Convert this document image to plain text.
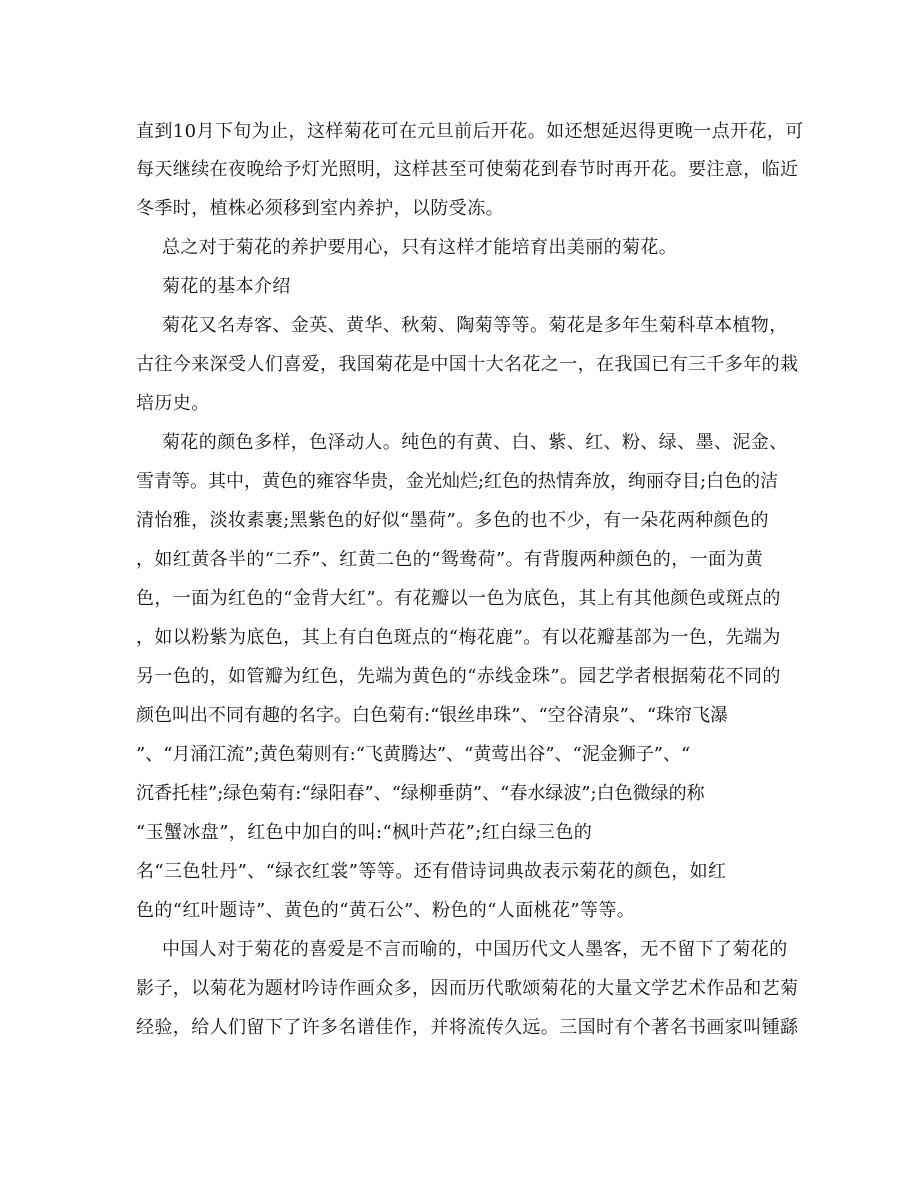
直到10月下旬为止，这样菊花可在元旦前后开花。如还想延迟得更晚一点开花，可

每天继续在夜晚给予灯光照明，这样甚至可使菊花到春节时再开花。要注意，临近

冬季时，植株必须移到室内养护，以防受冻。

总之对于菊花的养护要用心，只有这样才能培育出美丽的菊花。

菊花的基本介绍

菊花又名寿客、金英、黄华、秋菊、陶菊等等。菊花是多年生菊科草本植物，

古往今来深受人们喜爱，我国菊花是中国十大名花之一，在我国已有三千多年的栽

培历史。

菊花的颜色多样，色泽动人。纯色的有黄、白、紫、红、粉、绿、墨、泥金、

雪青等。其中，黄色的雍容华贵，金光灿烂;红色的热情奔放，绚丽夺目;白色的洁

清怡雅，淡妆素裹;黑紫色的好似“墨荷”。多色的也不少，有一朵花两种颜色的

，如红黄各半的“二乔”、红黄二色的“鸳鸯荷”。有背腹两种颜色的，一面为黄

色，一面为红色的“金背大红”。有花瓣以一色为底色，其上有其他颜色或斑点的

，如以粉紫为底色，其上有白色斑点的“梅花鹿”。有以花瓣基部为一色，先端为

另一色的，如管瓣为红色，先端为黄色的“赤线金珠”。园艺学者根据菊花不同的

颜色叫出不同有趣的名字。白色菊有:“银丝串珠”、“空谷清泉”、“珠帘飞瀑

”、“月涌江流”;黄色菊则有:“飞黄腾达”、“黄莺出谷”、“泥金狮子”、“

沉香托桂”;绿色菊有:“绿阳春”、“绿柳垂荫”、“春水绿波”;白色微绿的称

“玉蟹冰盘”，红色中加白的叫:“枫叶芦花”;红白绿三色的

名“三色牡丹”、“绿衣红裳”等等。还有借诗词典故表示菊花的颜色，如红

色的“红叶题诗”、黄色的“黄石公”、粉色的“人面桃花”等等。

中国人对于菊花的喜爱是不言而喻的，中国历代文人墨客，无不留下了菊花的

影子，以菊花为题材吟诗作画众多，因而历代歌颂菊花的大量文学艺术作品和艺菊

经验，给人们留下了许多名谱佳作，并将流传久远。三国时有个著名书画家叫锺繇
